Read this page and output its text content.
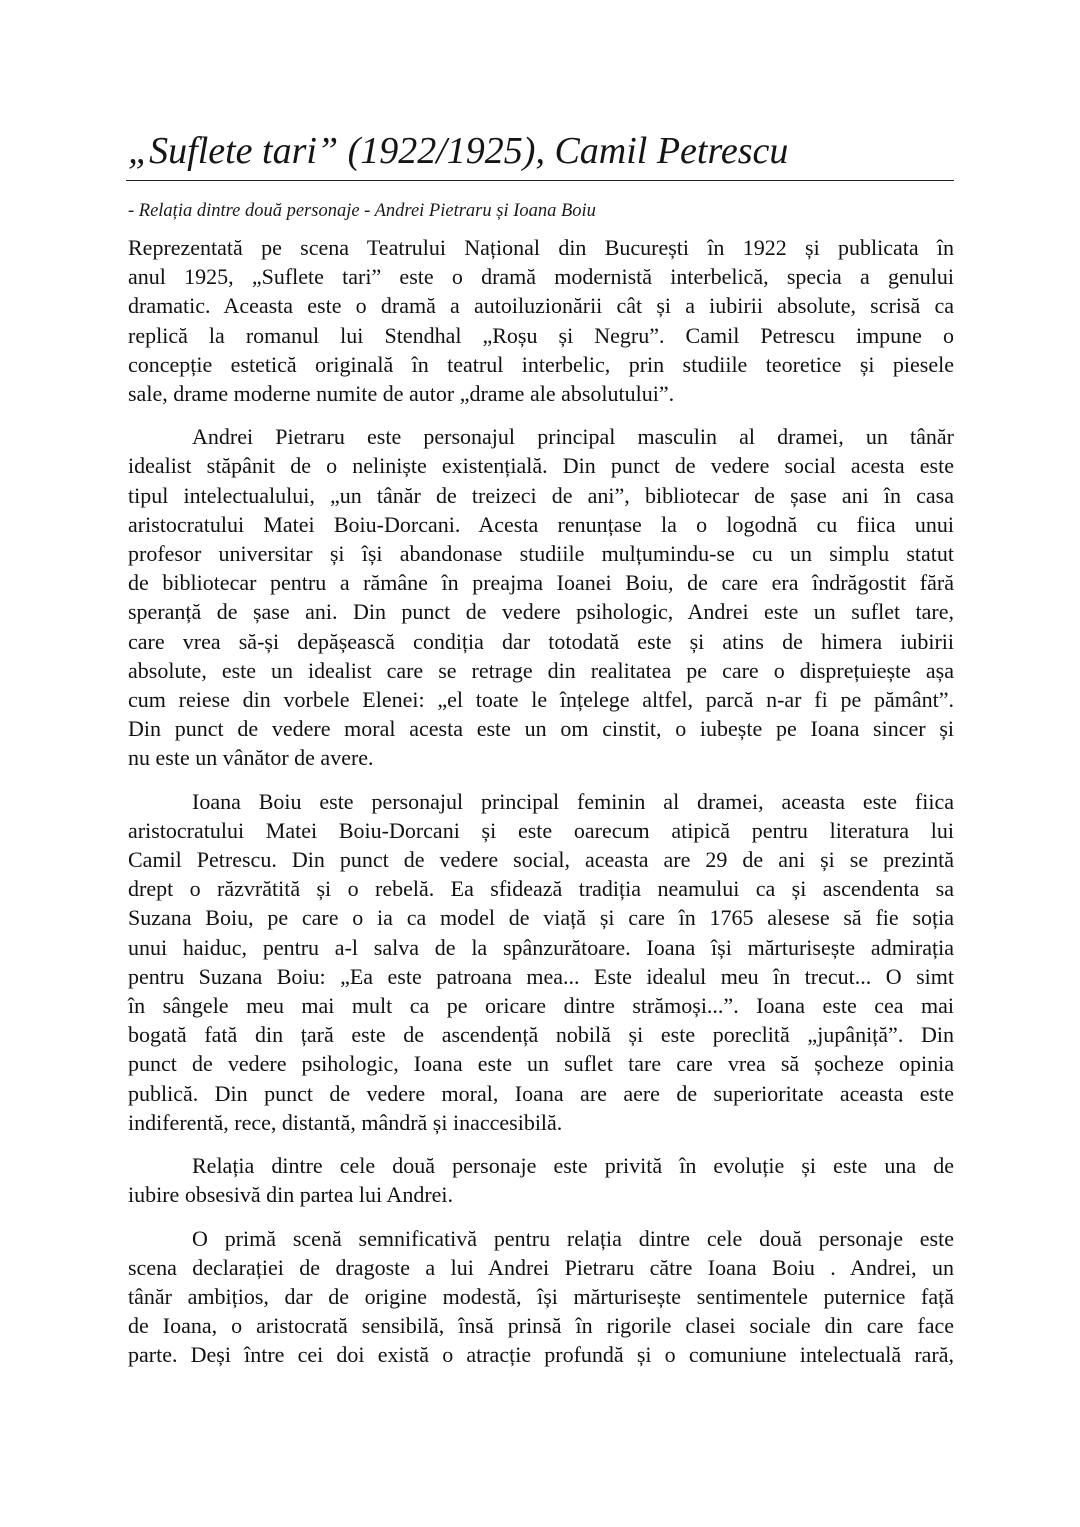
„Suflete tari” (1922/1925), Camil Petrescu
- Relația dintre două personaje - Andrei Pietraru și Ioana Boiu
Reprezentată pe scena Teatrului Național din București în 1922 și publicata în
anul 1925, „Suflete tari” este o dramă modernistă interbelică, specia a genului
dramatic. Aceasta este o dramă a autoiluzionării cât și a iubirii absolute, scrisă ca
replică la romanul lui Stendhal „Roșu și Negru”. Camil Petrescu impune o
concepție estetică originală în teatrul interbelic, prin studiile teoretice și piesele
sale, drame moderne numite de autor „drame ale absolutului”.
Andrei Pietraru este personajul principal masculin al dramei, un tânăr
idealist stăpânit de o neliniște existențială. Din punct de vedere social acesta este
tipul intelectualului, „un tânăr de treizeci de ani”, bibliotecar de șase ani în casa
aristocratului Matei Boiu-Dorcani. Acesta renunțase la o logodnă cu fiica unui
profesor universitar și își abandonase studiile mulțumindu-se cu un simplu statut
de bibliotecar pentru a rămâne în preajma Ioanei Boiu, de care era îndrăgostit fără
speranță de șase ani. Din punct de vedere psihologic, Andrei este un suflet tare,
care vrea să-și depășească condiția dar totodată este și atins de himera iubirii
absolute, este un idealist care se retrage din realitatea pe care o disprețuiește așa
cum reiese din vorbele Elenei: „el toate le înțelege altfel, parcă n-ar fi pe pământ”.
Din punct de vedere moral acesta este un om cinstit, o iubește pe Ioana sincer și
nu este un vânător de avere.
Ioana Boiu este personajul principal feminin al dramei, aceasta este fiica
aristocratului Matei Boiu-Dorcani și este oarecum atipică pentru literatura lui
Camil Petrescu. Din punct de vedere social, aceasta are 29 de ani și se prezintă
drept o răzvrătită și o rebelă. Ea sfidează tradiția neamului ca și ascendenta sa
Suzana Boiu, pe care o ia ca model de viață și care în 1765 alesese să fie soția
unui haiduc, pentru a-l salva de la spânzurătoare. Ioana își mărturisește admirația
pentru Suzana Boiu: „Ea este patroana mea... Este idealul meu în trecut... O simt
în sângele meu mai mult ca pe oricare dintre strămoși...”. Ioana este cea mai
bogată fată din țară este de ascendență nobilă și este poreclită „jupâniță”. Din
punct de vedere psihologic, Ioana este un suflet tare care vrea să șocheze opinia
publică. Din punct de vedere moral, Ioana are aere de superioritate aceasta este
indiferentă, rece, distantă, mândră și inaccesibilă.
Relația dintre cele două personaje este privită în evoluție și este una de
iubire obsesivă din partea lui Andrei.
O primă scenă semnificativă pentru relația dintre cele două personaje este
scena declarației de dragoste a lui Andrei Pietraru către Ioana Boiu . Andrei, un
tânăr ambițios, dar de origine modestă, își mărturisește sentimentele puternice față
de Ioana, o aristocrată sensibilă, însă prinsă în rigorile clasei sociale din care face
parte. Deși între cei doi există o atracție profundă și o comuniune intelectuală rară,
